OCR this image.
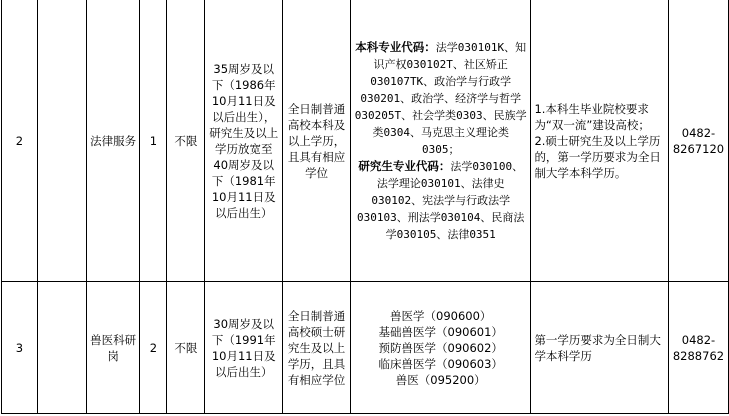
2		法律服务	1	不限	35周岁及以下（1986年10月11日及以后出生），研究生及以上学历放宽至40周岁及以下（1981年10月11日及以后出生）	全日制普通高校本科及以上学历，且具有相应学位	本科专业代码：法学030101K、知识产权030102T、社区矫正030107TK、政治学与行政学030201、政治学、经济学与哲学030205T、社会学类0303、民族学类0304、马克思主义理论类0305；
研究生专业代码：法学030100、法学理论030101、法律史030102、宪法学与行政法学030103、刑法学030104、民商法学030105、法律0351	1.本科生毕业院校要求为“双一流”建设高校；
2.硕士研究生及以上学历的，第一学历要求为全日制大学本科学历。	0482-8267120
3		兽医科研岗	2	不限	30周岁及以下（1991年10月11日及以后出生）	全日制普通高校硕士研究生及以上学历，且具有相应学位	兽医学（090600）
基础兽医学（090601）
预防兽医学（090602）
临床兽医学（090603）
兽医（095200）	第一学历要求为全日制大学本科学历	0482-8288762
